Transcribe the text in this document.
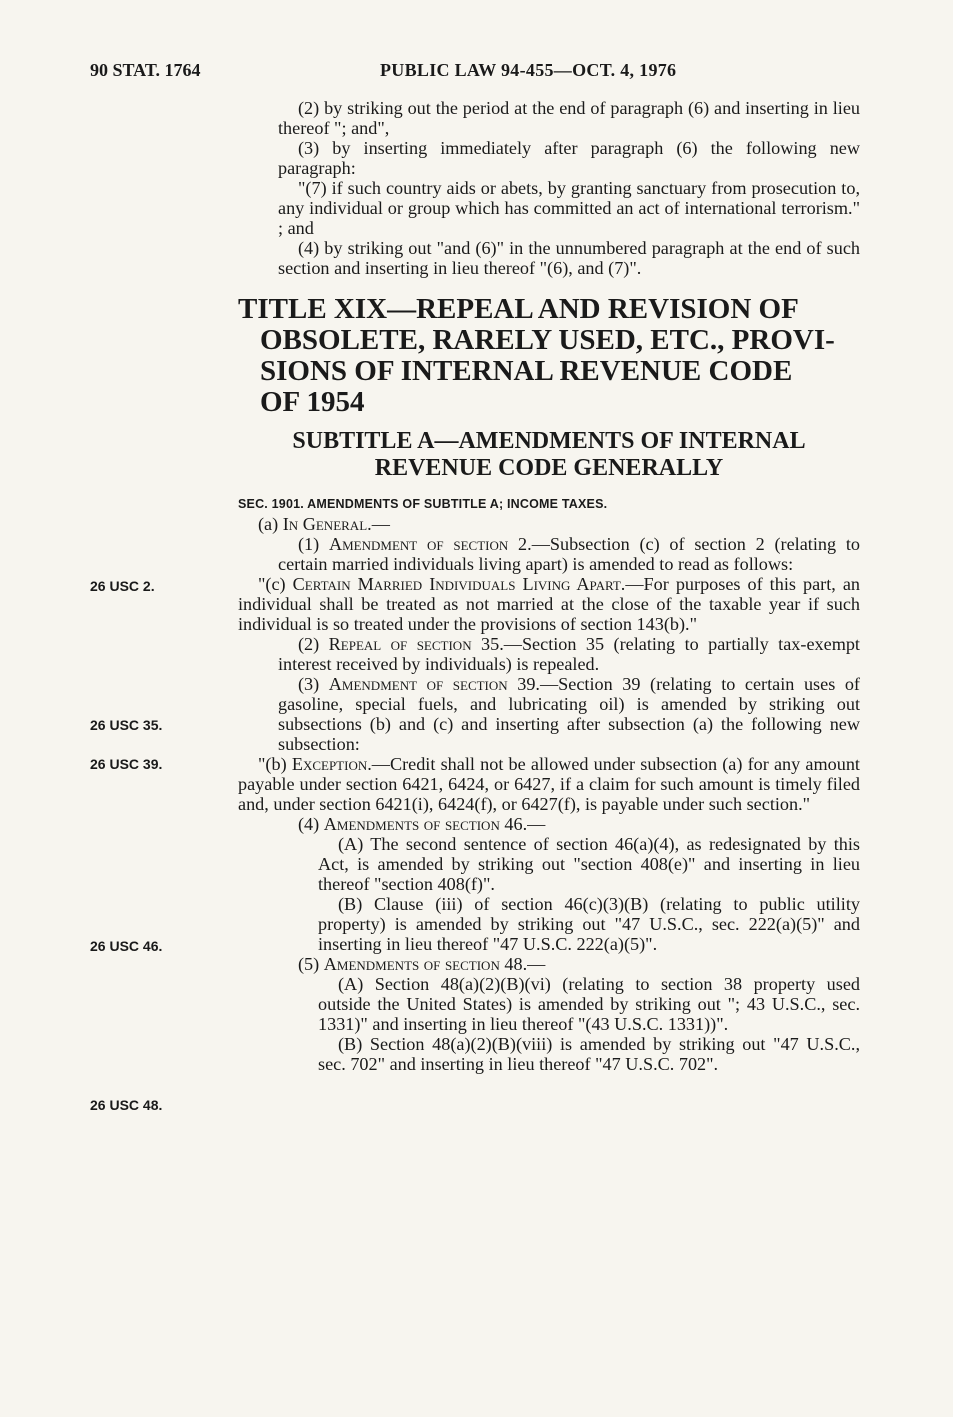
90 STAT. 1764	PUBLIC LAW 94-455—OCT. 4, 1976
26 USC 2.
26 USC 35.
26 USC 39.
26 USC 46.
26 USC 48.

(2) by striking out the period at the end of paragraph (6) and inserting in lieu thereof "; and",

(3) by inserting immediately after paragraph (6) the following new paragraph:

"(7) if such country aids or abets, by granting sanctuary from prosecution to, any individual or group which has committed an act of international terrorism." ; and

(4) by striking out "and (6)" in the unnumbered paragraph at the end of such section and inserting in lieu thereof "(6), and (7)".

TITLE XIX—REPEAL AND REVISION OF

OBSOLETE, RARELY USED, ETC., PROVI-
SIONS OF INTERNAL REVENUE CODE
OF 1954
SUBTITLE A—AMENDMENTS OF INTERNAL
REVENUE CODE GENERALLY
SEC. 1901. AMENDMENTS OF SUBTITLE A; INCOME TAXES.

(a) In General.—

(1) Amendment of section 2.—Subsection (c) of section 2 (relating to certain married individuals living apart) is amended to read as follows:

"(c) Certain Married Individuals Living Apart.—For purposes of this part, an individual shall be treated as not married at the close of the taxable year if such individual is so treated under the provisions of section 143(b)."

(2) Repeal of section 35.—Section 35 (relating to partially tax-exempt interest received by individuals) is repealed.

(3) Amendment of section 39.—Section 39 (relating to certain uses of gasoline, special fuels, and lubricating oil) is amended by striking out subsections (b) and (c) and inserting after subsection (a) the following new subsection:

"(b) Exception.—Credit shall not be allowed under subsection (a) for any amount payable under section 6421, 6424, or 6427, if a claim for such amount is timely filed and, under section 6421(i), 6424(f), or 6427(f), is payable under such section."

(4) Amendments of section 46.—

(A) The second sentence of section 46(a)(4), as redesignated by this Act, is amended by striking out "section 408(e)" and inserting in lieu thereof "section 408(f)".

(B) Clause (iii) of section 46(c)(3)(B) (relating to public utility property) is amended by striking out "47 U.S.C., sec. 222(a)(5)" and inserting in lieu thereof "47 U.S.C. 222(a)(5)".

(5) Amendments of section 48.—

(A) Section 48(a)(2)(B)(vi) (relating to section 38 property used outside the United States) is amended by striking out "; 43 U.S.C., sec. 1331)" and inserting in lieu thereof "(43 U.S.C. 1331))".

(B) Section 48(a)(2)(B)(viii) is amended by striking out "47 U.S.C., sec. 702" and inserting in lieu thereof "47 U.S.C. 702".
